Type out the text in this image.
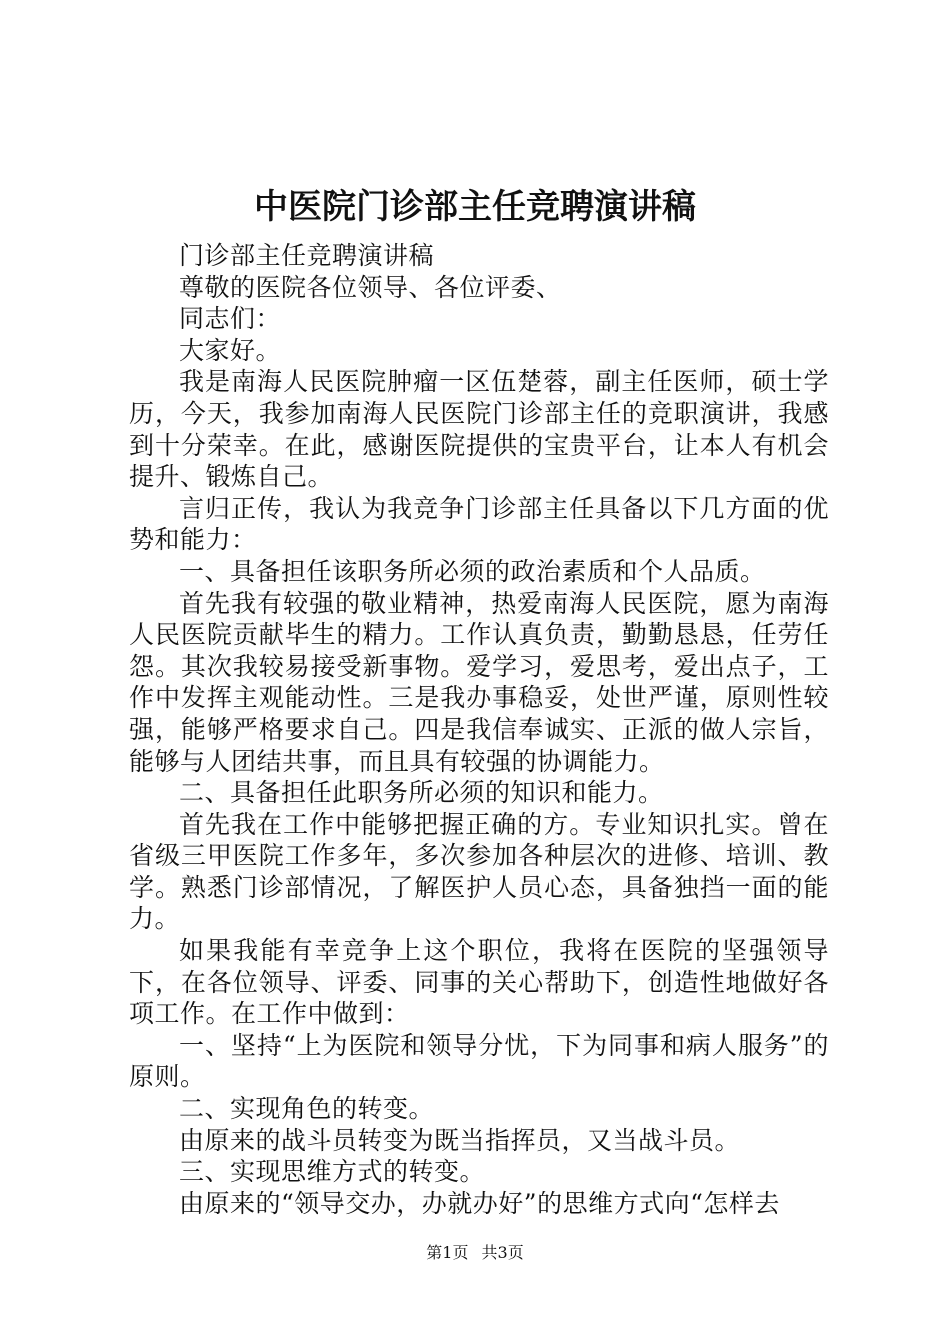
中医院门诊部主任竞聘演讲稿

门诊部主任竞聘演讲稿

尊敬的医院各位领导、各位评委、

同志们：

大家好。

我是南海人民医院肿瘤一区伍楚蓉，副主任医师，硕士学历，今天，我参加南海人民医院门诊部主任的竞职演讲，我感到十分荣幸。在此，感谢医院提供的宝贵平台，让本人有机会提升、锻炼自己。

言归正传，我认为我竞争门诊部主任具备以下几方面的优势和能力：

一、具备担任该职务所必须的政治素质和个人品质。

首先我有较强的敬业精神，热爱南海人民医院，愿为南海人民医院贡献毕生的精力。工作认真负责，勤勤恳恳，任劳任怨。其次我较易接受新事物。爱学习，爱思考，爱出点子，工作中发挥主观能动性。三是我办事稳妥，处世严谨，原则性较强，能够严格要求自己。四是我信奉诚实、正派的做人宗旨，能够与人团结共事，而且具有较强的协调能力。

二、具备担任此职务所必须的知识和能力。

首先我在工作中能够把握正确的方。专业知识扎实。曾在省级三甲医院工作多年，多次参加各种层次的进修、培训、教学。熟悉门诊部情况，了解医护人员心态，具备独挡一面的能力。

如果我能有幸竞争上这个职位，我将在医院的坚强领导下，在各位领导、评委、同事的关心帮助下，创造性地做好各项工作。在工作中做到：

一、坚持“上为医院和领导分忧，下为同事和病人服务”的原则。

二、实现角色的转变。

由原来的战斗员转变为既当指挥员，又当战斗员。

三、实现思维方式的转变。

由原来的“领导交办，办就办好”的思维方式向“怎样去

第1页 共3页
